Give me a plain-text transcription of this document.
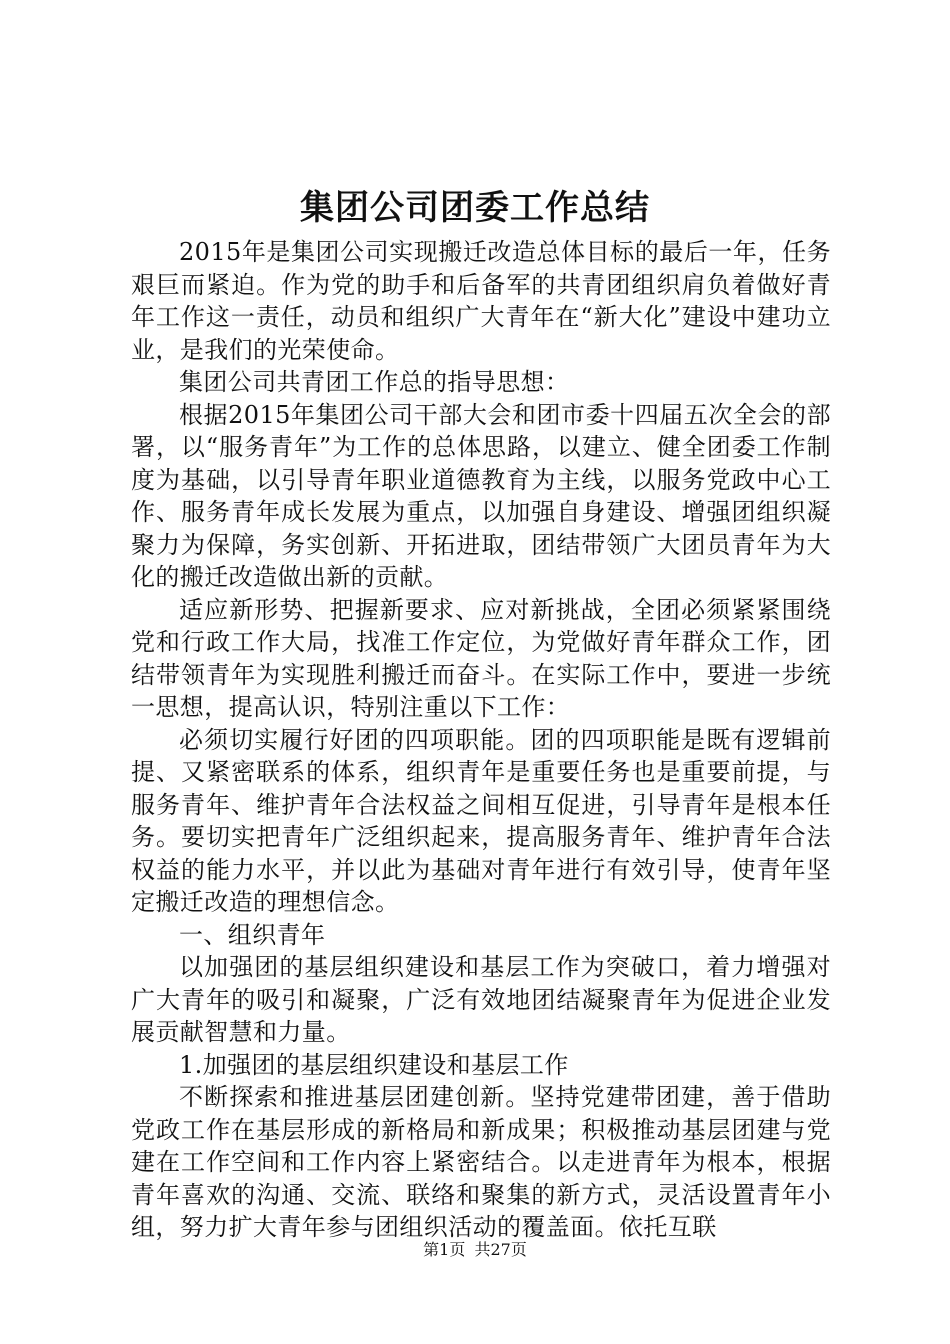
集团公司团委工作总结

2015年是集团公司实现搬迁改造总体目标的最后一年，任务艰巨而紧迫。作为党的助手和后备军的共青团组织肩负着做好青年工作这一责任，动员和组织广大青年在“新大化”建设中建功立业，是我们的光荣使命。

集团公司共青团工作总的指导思想：

根据2015年集团公司干部大会和团市委十四届五次全会的部署，以“服务青年”为工作的总体思路，以建立、健全团委工作制度为基础，以引导青年职业道德教育为主线，以服务党政中心工作、服务青年成长发展为重点，以加强自身建设、增强团组织凝聚力为保障，务实创新、开拓进取，团结带领广大团员青年为大化的搬迁改造做出新的贡献。

适应新形势、把握新要求、应对新挑战，全团必须紧紧围绕党和行政工作大局，找准工作定位，为党做好青年群众工作，团结带领青年为实现胜利搬迁而奋斗。在实际工作中，要进一步统一思想，提高认识，特别注重以下工作：

必须切实履行好团的四项职能。团的四项职能是既有逻辑前提、又紧密联系的体系，组织青年是重要任务也是重要前提，与服务青年、维护青年合法权益之间相互促进，引导青年是根本任务。要切实把青年广泛组织起来，提高服务青年、维护青年合法权益的能力水平，并以此为基础对青年进行有效引导，使青年坚定搬迁改造的理想信念。

一、组织青年

以加强团的基层组织建设和基层工作为突破口，着力增强对广大青年的吸引和凝聚，广泛有效地团结凝聚青年为促进企业发展贡献智慧和力量。

1.加强团的基层组织建设和基层工作

不断探索和推进基层团建创新。坚持党建带团建，善于借助党政工作在基层形成的新格局和新成果；积极推动基层团建与党建在工作空间和工作内容上紧密结合。以走进青年为根本，根据青年喜欢的沟通、交流、联络和聚集的新方式，灵活设置青年小组，努力扩大青年参与团组织活动的覆盖面。依托互联

第1页 共27页
